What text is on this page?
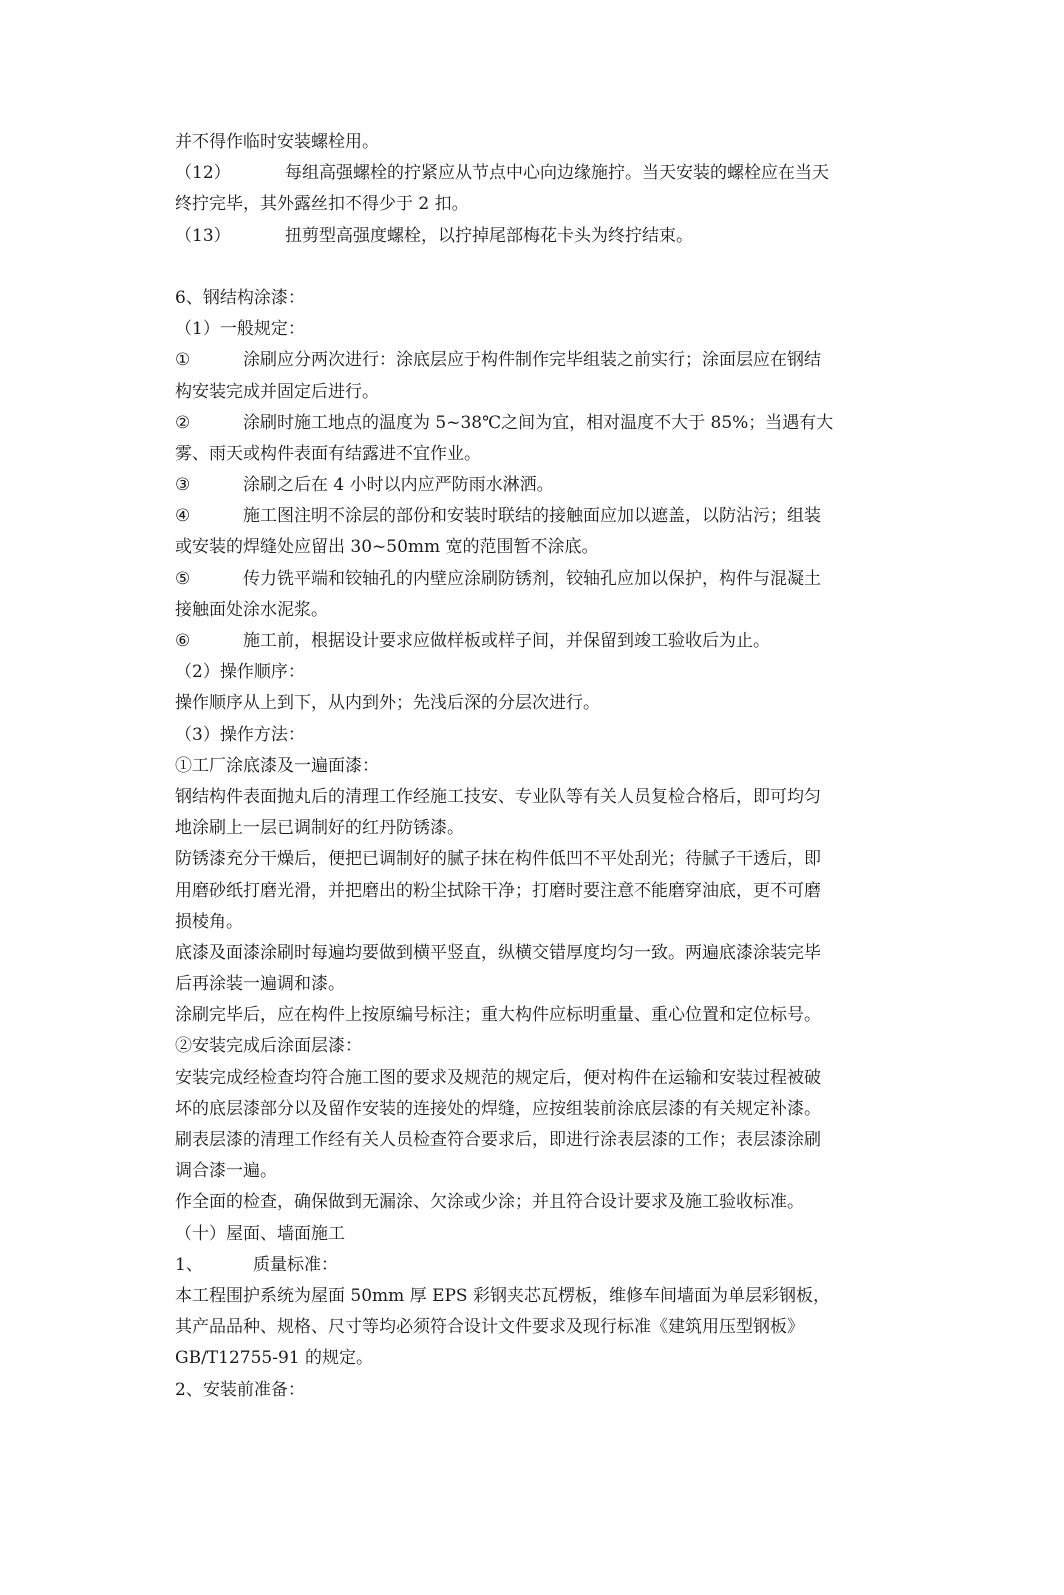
并不得作临时安装螺栓用。
（12）	每组高强螺栓的拧紧应从节点中心向边缘施拧。当天安装的螺栓应在当天
终拧完毕，其外露丝扣不得少于 2 扣。
（13）	扭剪型高强度螺栓，以拧掉尾部梅花卡头为终拧结束。
6、钢结构涂漆：
（1）一般规定：
①	涂刷应分两次进行：涂底层应于构件制作完毕组装之前实行；涂面层应在钢结
构安装完成并固定后进行。
②	涂刷时施工地点的温度为 5~38℃之间为宜，相对温度不大于 85%；当遇有大
雾、雨天或构件表面有结露进不宜作业。
③	涂刷之后在 4 小时以内应严防雨水淋洒。
④	施工图注明不涂层的部份和安装时联结的接触面应加以遮盖，以防沾污；组装
或安装的焊缝处应留出 30~50mm 宽的范围暂不涂底。
⑤	传力铣平端和铰轴孔的内壁应涂刷防锈剂，铰轴孔应加以保护，构件与混凝土
接触面处涂水泥浆。
⑥	施工前，根据设计要求应做样板或样子间，并保留到竣工验收后为止。
（2）操作顺序：
操作顺序从上到下，从内到外；先浅后深的分层次进行。
（3）操作方法：
①工厂涂底漆及一遍面漆：
钢结构件表面抛丸后的清理工作经施工技安、专业队等有关人员复检合格后，即可均匀
地涂刷上一层已调制好的红丹防锈漆。
防锈漆充分干燥后，便把已调制好的腻子抹在构件低凹不平处刮光；待腻子干透后，即
用磨砂纸打磨光滑，并把磨出的粉尘拭除干净；打磨时要注意不能磨穿油底，更不可磨
损棱角。
底漆及面漆涂刷时每遍均要做到横平竖直，纵横交错厚度均匀一致。两遍底漆涂装完毕
后再涂装一遍调和漆。
涂刷完毕后，应在构件上按原编号标注；重大构件应标明重量、重心位置和定位标号。
②安装完成后涂面层漆：
安装完成经检查均符合施工图的要求及规范的规定后，便对构件在运输和安装过程被破
坏的底层漆部分以及留作安装的连接处的焊缝，应按组装前涂底层漆的有关规定补漆。
刷表层漆的清理工作经有关人员检查符合要求后，即进行涂表层漆的工作；表层漆涂刷
调合漆一遍。
作全面的检查，确保做到无漏涂、欠涂或少涂；并且符合设计要求及施工验收标准。
（十）屋面、墙面施工
1、	质量标准：
本工程围护系统为屋面 50mm 厚 EPS 彩钢夹芯瓦楞板，维修车间墙面为单层彩钢板，
其产品品种、规格、尺寸等均必须符合设计文件要求及现行标准《建筑用压型钢板》
GB/T12755-91 的规定。
2、安装前准备：
